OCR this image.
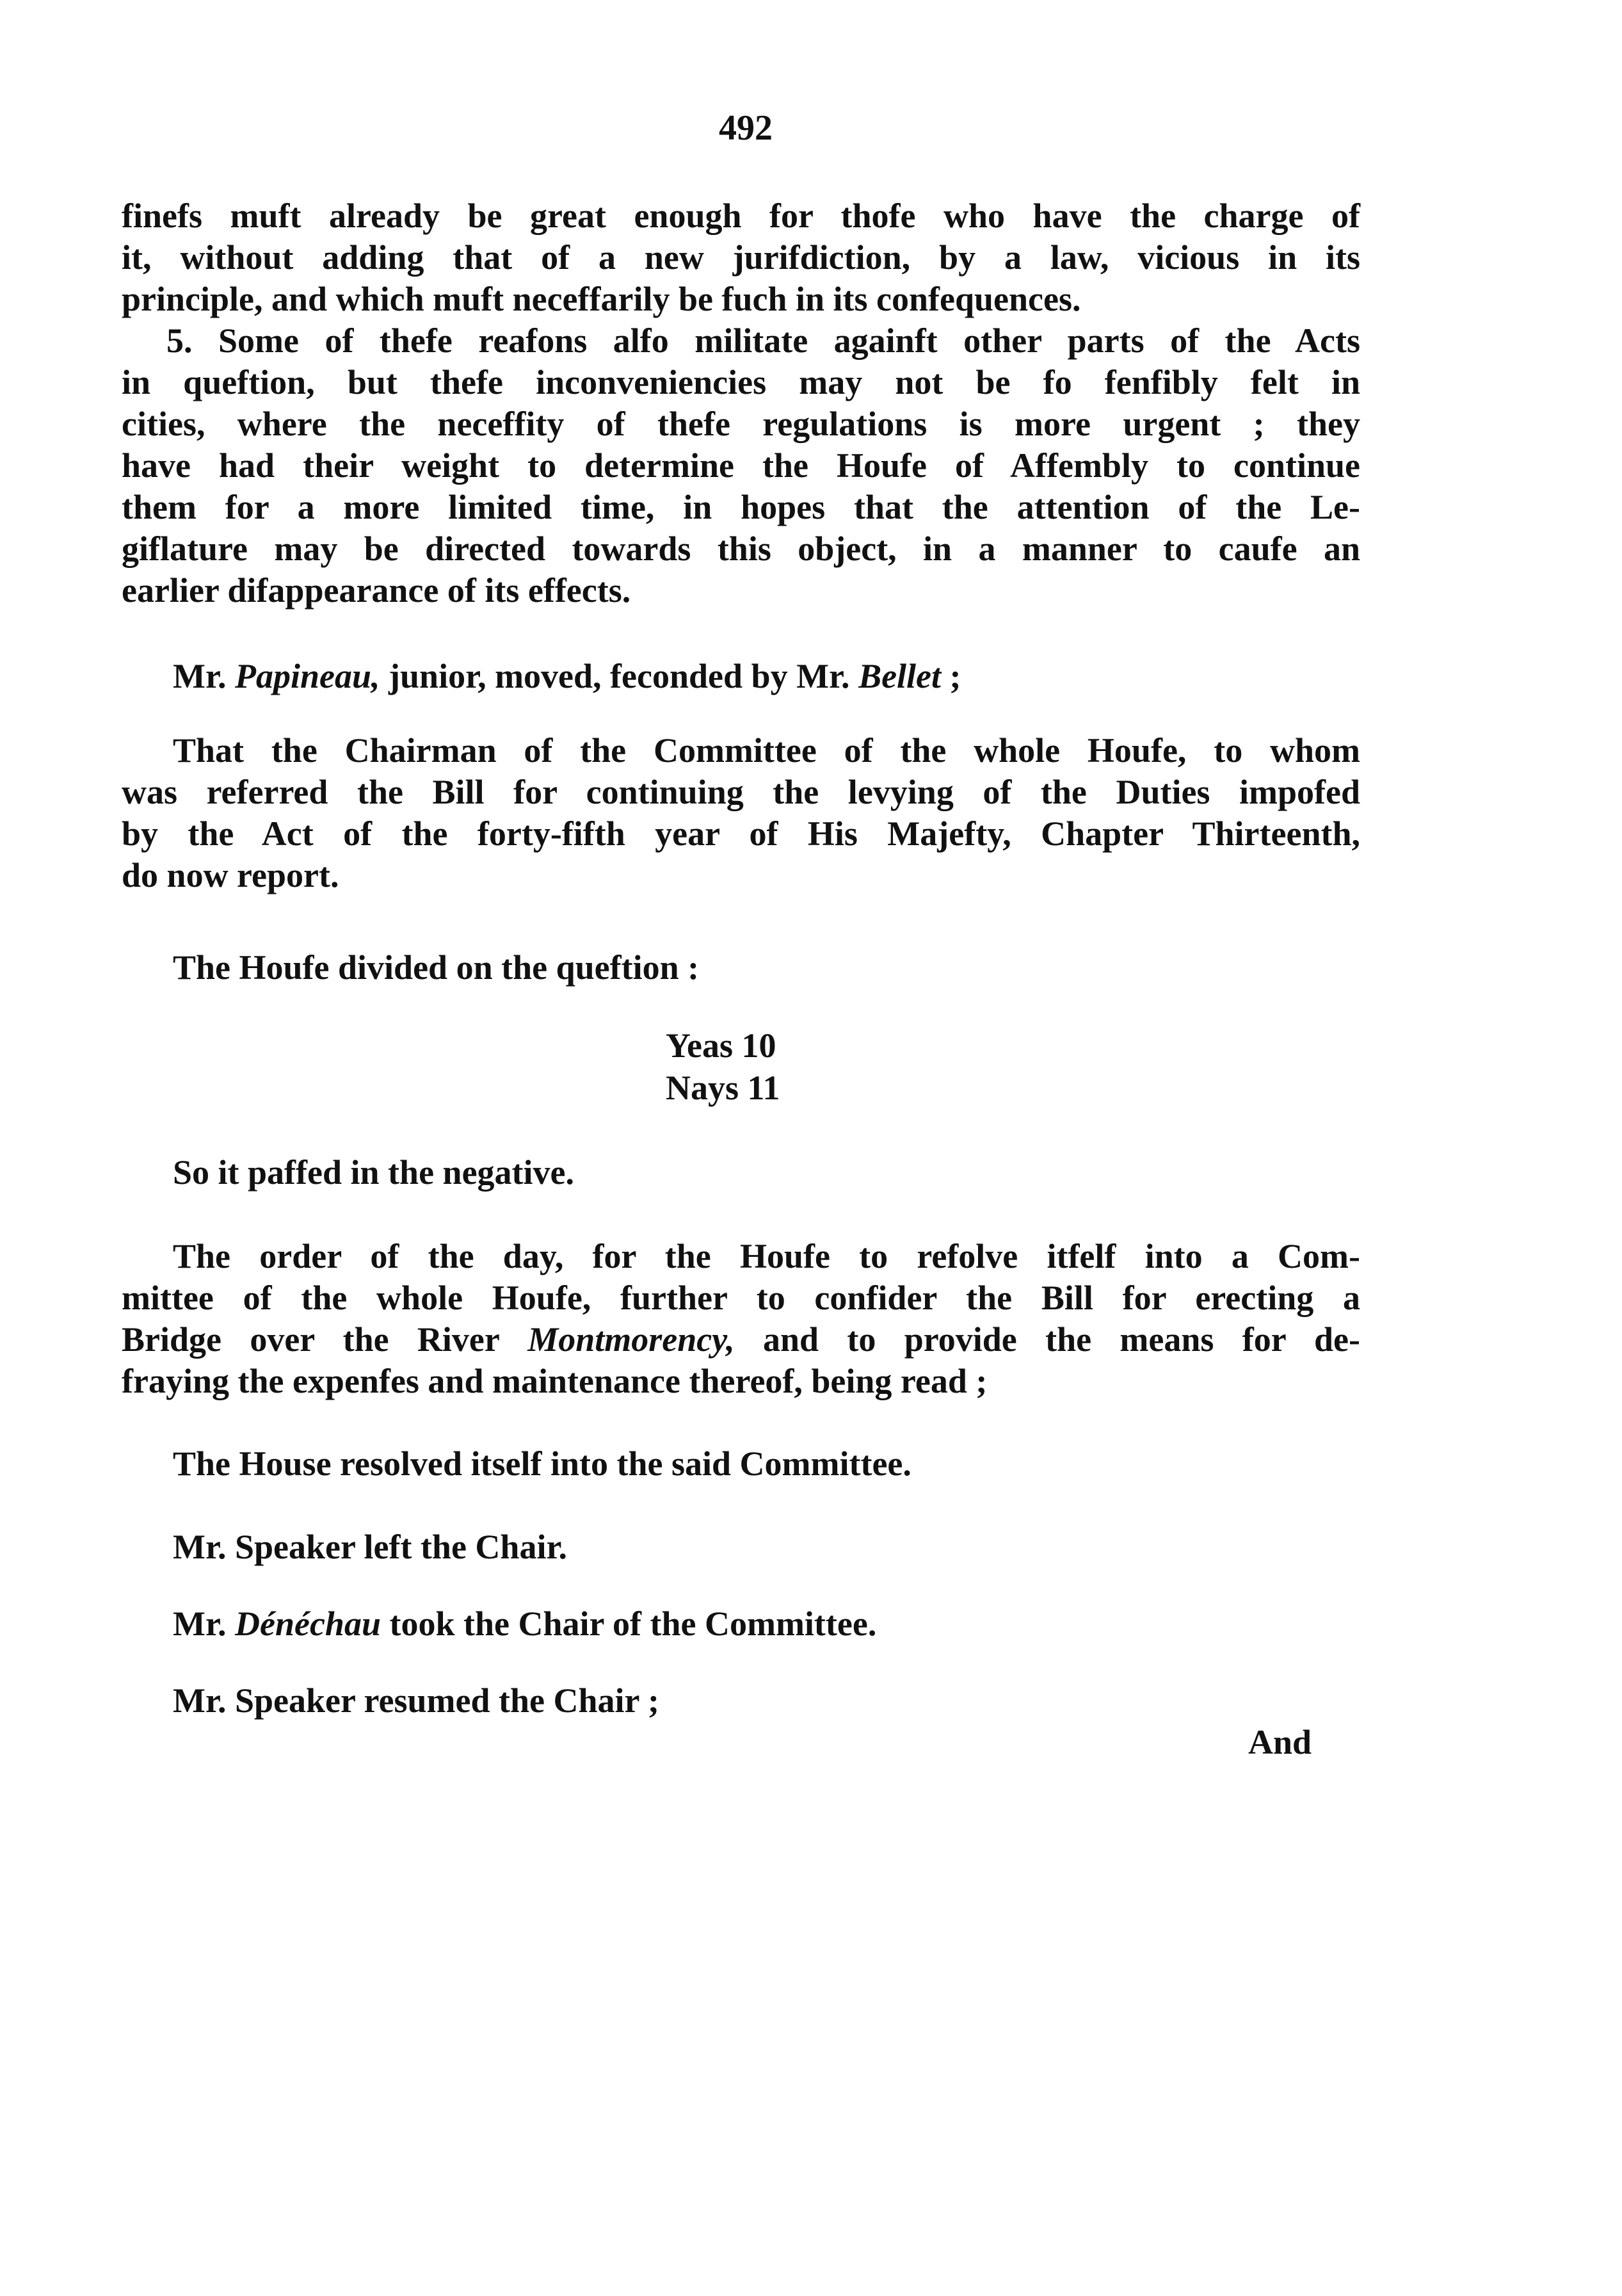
492
finefs muft already be great enough for thofe who have the charge of
it, without adding that of a new jurifdiction, by a law, vicious in its
principle, and which muft neceffarily be fuch in its confequences.
5. Some of thefe reafons alfo militate againft other parts of the Acts
in queftion, but thefe inconveniencies may not be fo fenfibly felt in
cities, where the neceffity of thefe regulations is more urgent ; they
have had their weight to determine the Houfe of Affembly to continue
them for a more limited time, in hopes that the attention of the Le-
giflature may be directed towards this object, in a manner to caufe an
earlier difappearance of its effects.
Mr. Papineau, junior, moved, feconded by Mr. Bellet ;
That the Chairman of the Committee of the whole Houfe, to whom
was referred the Bill for continuing the levying of the Duties impofed
by the Act of the forty-fifth year of His Majefty, Chapter Thirteenth,
do now report.
The Houfe divided on the queftion :
Yeas 10
Nays 11
So it paffed in the negative.
The order of the day, for the Houfe to refolve itfelf into a Com-
mittee of the whole Houfe, further to confider the Bill for erecting a
Bridge over the River Montmorency, and to provide the means for de-
fraying the expenfes and maintenance thereof, being read ;
The House resolved itself into the said Committee.
Mr. Speaker left the Chair.
Mr. Dénéchau took the Chair of the Committee.
Mr. Speaker resumed the Chair ;
And
